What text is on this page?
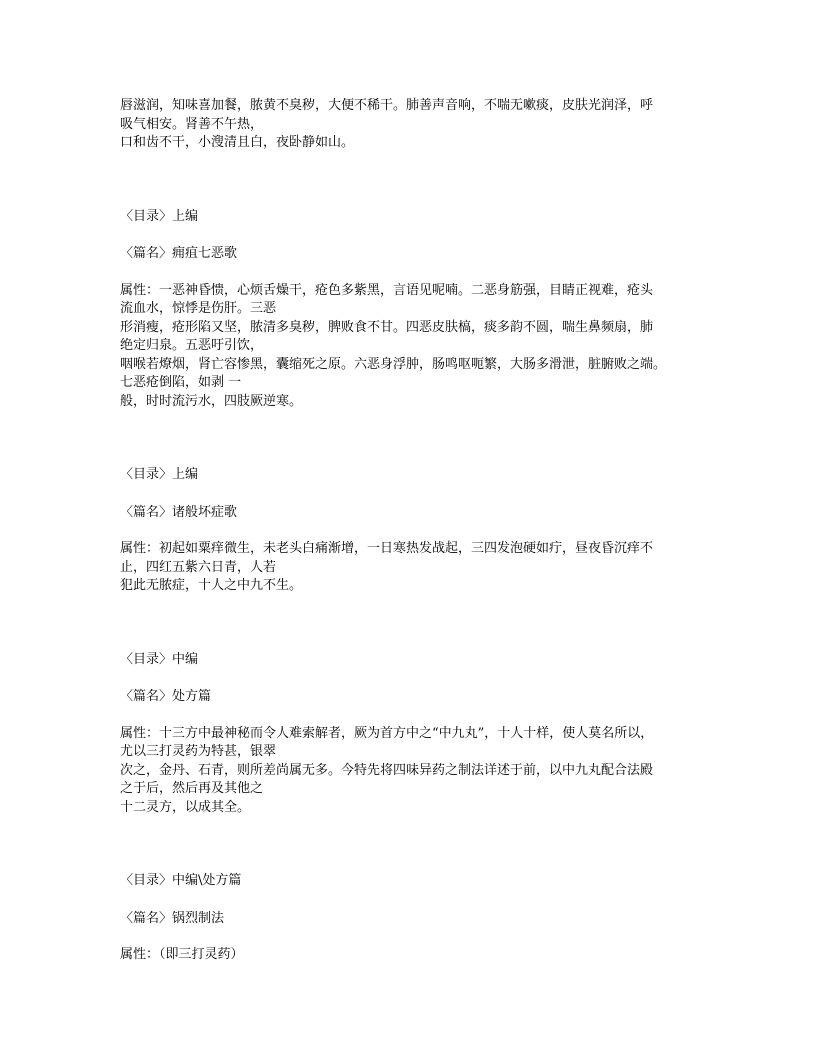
唇滋润，知味喜加餐，脓黄不臭秽，大便不稀干。肺善声音响，不喘无嗽痰，皮肤光润泽，呼
吸气相安。肾善不午热，
口和齿不干，小溲清且白，夜卧静如山。

〈目录〉上编

〈篇名〉痈疽七恶歌

属性：一恶神昏愦，心烦舌燥干，疮色多紫黑，言语见呢喃。二恶身筋强，目睛正视难，疮头
流血水，惊悸是伤肝。三恶
形消瘦，疮形陷又坚，脓清多臭秽，脾败食不甘。四恶皮肤槁，痰多韵不圆，喘生鼻频扇，肺
绝定归泉。五恶吁引饮，
咽喉若燎烟，肾亡容惨黑，囊缩死之原。六恶身浮肿，肠鸣呕呃繁，大肠多滑泄，脏腑败之端。
七恶疮倒陷，如剥 一
般，时时流污水，四肢厥逆寒。

〈目录〉上编

〈篇名〉诸般坏症歌

属性：初起如粟痒微生，未老头白痛渐增，一日寒热发战起，三四发泡硬如疔，昼夜昏沉痒不
止，四红五紫六日青，人若
犯此无脓症，十人之中九不生。

〈目录〉中编

〈篇名〉处方篇

属性：十三方中最神秘而令人难索解者，厥为首方中之“中九丸”，十人十样，使人莫名所以，
尤以三打灵药为特甚，银翠
次之，金丹、石青，则所差尚属无多。今特先将四味异药之制法详述于前，以中九丸配合法殿
之于后，然后再及其他之
十二灵方，以成其全。

〈目录〉中编\处方篇

〈篇名〉锅烈制法

属性：（即三打灵药）
